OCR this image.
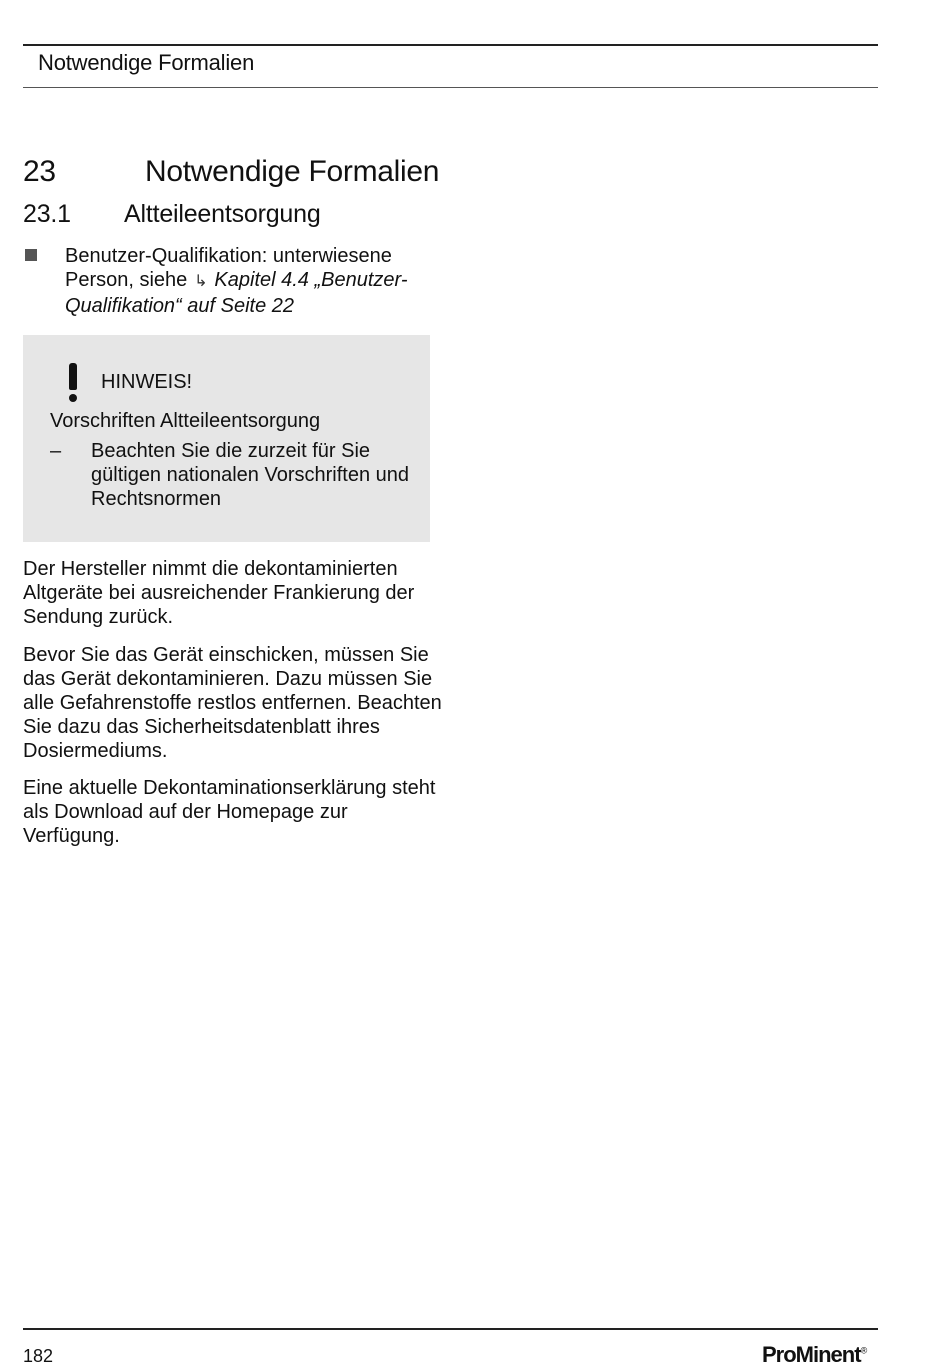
Notwendige Formalien
23	Notwendige Formalien
23.1 Altteileentsorgung
Benutzer-Qualifikation: unterwiesene Person, siehe ↳ Kapitel 4.4 „Benutzer-Qualifikation“ auf Seite 22
HINWEIS!
Vorschriften Altteileentsorgung
– Beachten Sie die zurzeit für Sie gültigen nationalen Vorschriften und Rechtsnormen
Der Hersteller nimmt die dekontaminierten Altgeräte bei ausreichender Frankierung der Sendung zurück.
Bevor Sie das Gerät einschicken, müssen Sie das Gerät dekontaminieren. Dazu müssen Sie alle Gefahrenstoffe restlos entfernen. Beachten Sie dazu das Sicherheitsdatenblatt ihres Dosiermediums.
Eine aktuelle Dekontaminationserklärung steht als Download auf der Homepage zur Verfügung.
182	ProMinent®
